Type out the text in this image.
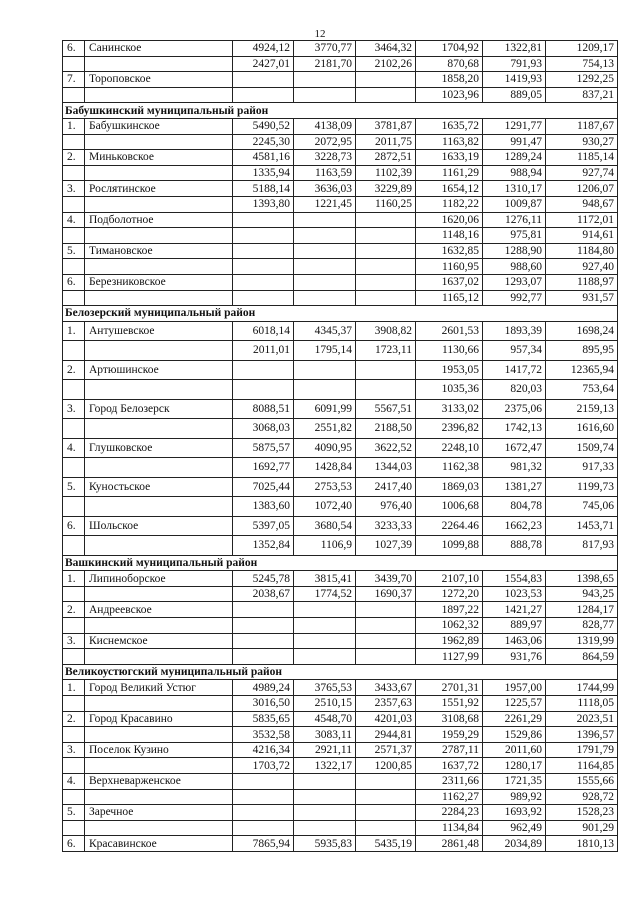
12
6.	Санинское	4924,12	3770,77	3464,32	1704,92	1322,81	1209,17
		2427,01	2181,70	2102,26	870,68	791,93	754,13
7.	Тороповское				1858,20	1419,93	1292,25
					1023,96	889,05	837,21
Бабушкинский муниципальный район							
1.	Бабушкинское	5490,52	4138,09	3781,87	1635,72	1291,77	1187,67
		2245,30	2072,95	2011,75	1163,82	991,47	930,27
2.	Миньковское	4581,16	3228,73	2872,51	1633,19	1289,24	1185,14
		1335,94	1163,59	1102,39	1161,29	988,94	927,74
3.	Рослятинское	5188,14	3636,03	3229,89	1654,12	1310,17	1206,07
		1393,80	1221,45	1160,25	1182,22	1009,87	948,67
4.	Подболотное				1620,06	1276,11	1172,01
					1148,16	975,81	914,61
5.	Тимановское				1632,85	1288,90	1184,80
					1160,95	988,60	927,40
6.	Березниковское				1637,02	1293,07	1188,97
					1165,12	992,77	931,57
Белозерский муниципальный район							
1.	Антушевское	6018,14	4345,37	3908,82	2601,53	1893,39	1698,24
		2011,01	1795,14	1723,11	1130,66	957,34	895,95
2.	Артюшинское				1953,05	1417,72	12365,94
					1035,36	820,03	753,64
3.	Город Белозерск	8088,51	6091,99	5567,51	3133,02	2375,06	2159,13
		3068,03	2551,82	2188,50	2396,82	1742,13	1616,60
4.	Глушковское	5875,57	4090,95	3622,52	2248,10	1672,47	1509,74
		1692,77	1428,84	1344,03	1162,38	981,32	917,33
5.	Куностьское	7025,44	2753,53	2417,40	1869,03	1381,27	1199,73
		1383,60	1072,40	976,40	1006,68	804,78	745,06
6.	Шольское	5397,05	3680,54	3233,33	2264.46	1662,23	1453,71
		1352,84	1106,9	1027,39	1099,88	888,78	817,93
Вашкинский муниципальный район							
1.	Липиноборское	5245,78	3815,41	3439,70	2107,10	1554,83	1398,65
		2038,67	1774,52	1690,37	1272,20	1023,53	943,25
2.	Андреевское				1897,22	1421,27	1284,17
					1062,32	889,97	828,77
3.	Киснемское				1962,89	1463,06	1319,99
					1127,99	931,76	864,59
Великоустюгский муниципальный район							
1.	Город Великий Устюг	4989,24	3765,53	3433,67	2701,31	1957,00	1744,99
		3016,50	2510,15	2357,63	1551,92	1225,57	1118,05
2.	Город Красавино	5835,65	4548,70	4201,03	3108,68	2261,29	2023,51
		3532,58	3083,11	2944,81	1959,29	1529,86	1396,57
3.	Поселок Кузино	4216,34	2921,11	2571,37	2787,11	2011,60	1791,79
		1703,72	1322,17	1200,85	1637,72	1280,17	1164,85
4.	Верхневарженское				2311,66	1721,35	1555,66
					1162,27	989,92	928,72
5.	Заречное				2284,23	1693,92	1528,23
					1134,84	962,49	901,29
6.	Красавинское	7865,94	5935,83	5435,19	2861,48	2034,89	1810,13
